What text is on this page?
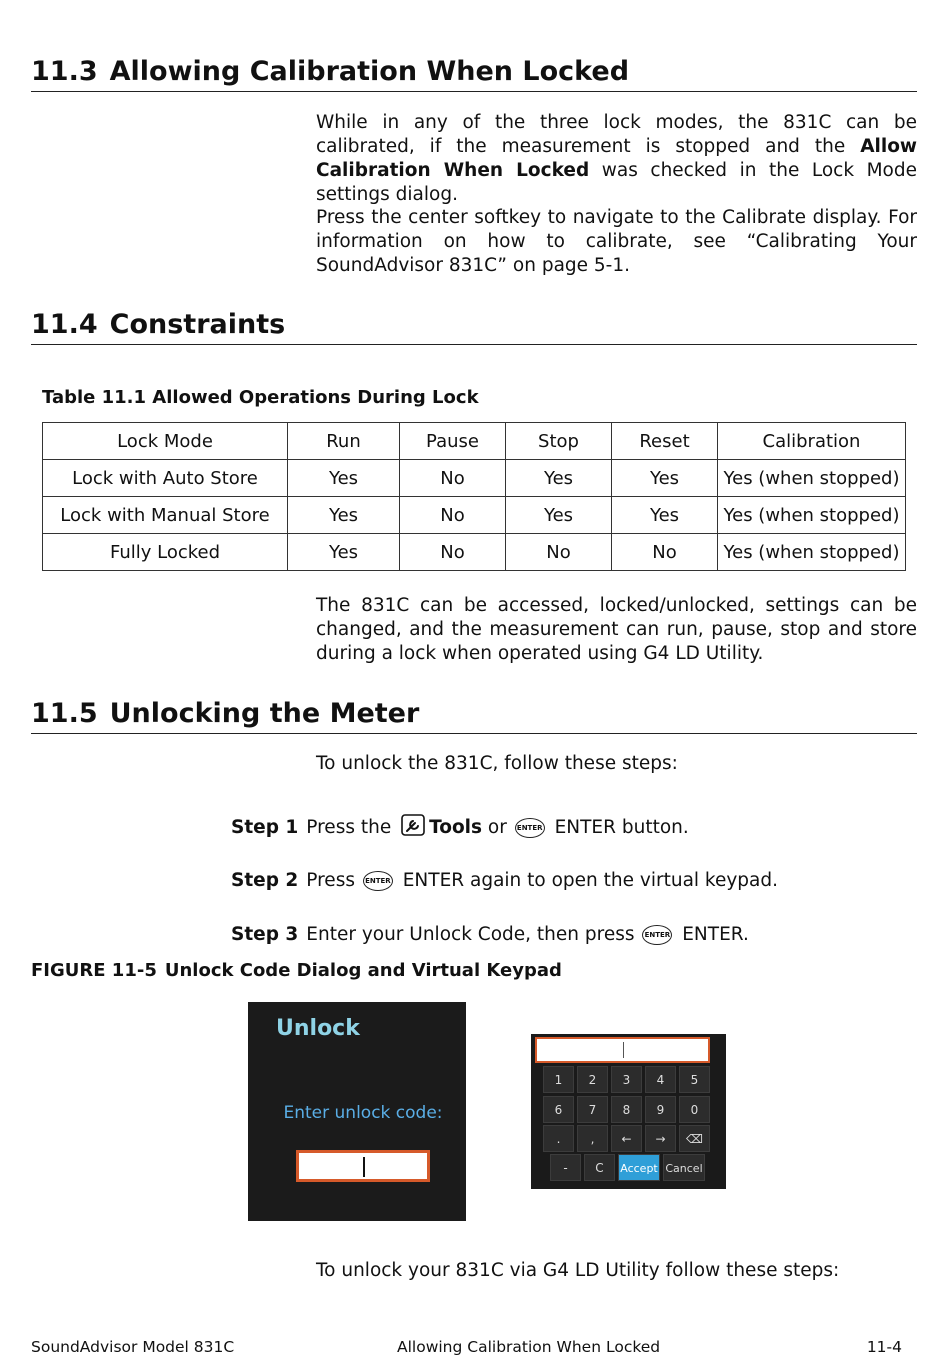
11.3 Allowing Calibration When Locked

While in any of the three lock modes, the 831C can be calibrated, if the measurement is stopped and the Allow Calibration When Locked was checked in the Lock Mode settings dialog.

Press the center softkey to navigate to the Calibrate display. For information on how to calibrate, see “Calibrating Your SoundAdvisor 831C” on page 5-1.

11.4 Constraints

Table 11.1 Allowed Operations During Lock

Lock Mode	Run	Pause	Stop	Reset	Calibration
Lock with Auto Store	Yes	No	Yes	Yes	Yes (when stopped)
Lock with Manual Store	Yes	No	Yes	Yes	Yes (when stopped)
Fully Locked	Yes	No	No	No	Yes (when stopped)

The 831C can be accessed, locked/unlocked, settings can be changed, and the measurement can run, pause, stop and store during a lock when operated using G4 LD Utility.

11.5 Unlocking the Meter

To unlock the 831C, follow these steps:

Step 1 Press the Tools or ENTER ENTER button.
Step 2 Press ENTER ENTER again to open the virtual keypad.
Step 3 Enter your Unlock Code, then press ENTER ENTER.
FIGURE 11-5 Unlock Code Dialog and Virtual Keypad
Unlock
Enter unlock code:
1	2	3	4	5
6	7	8	9	0
.	,	←	→	⌫
-	C	Accept Cancel

To unlock your 831C via G4 LD Utility follow these steps:

SoundAdvisor Model 831C	Allowing Calibration When Locked	11-4
